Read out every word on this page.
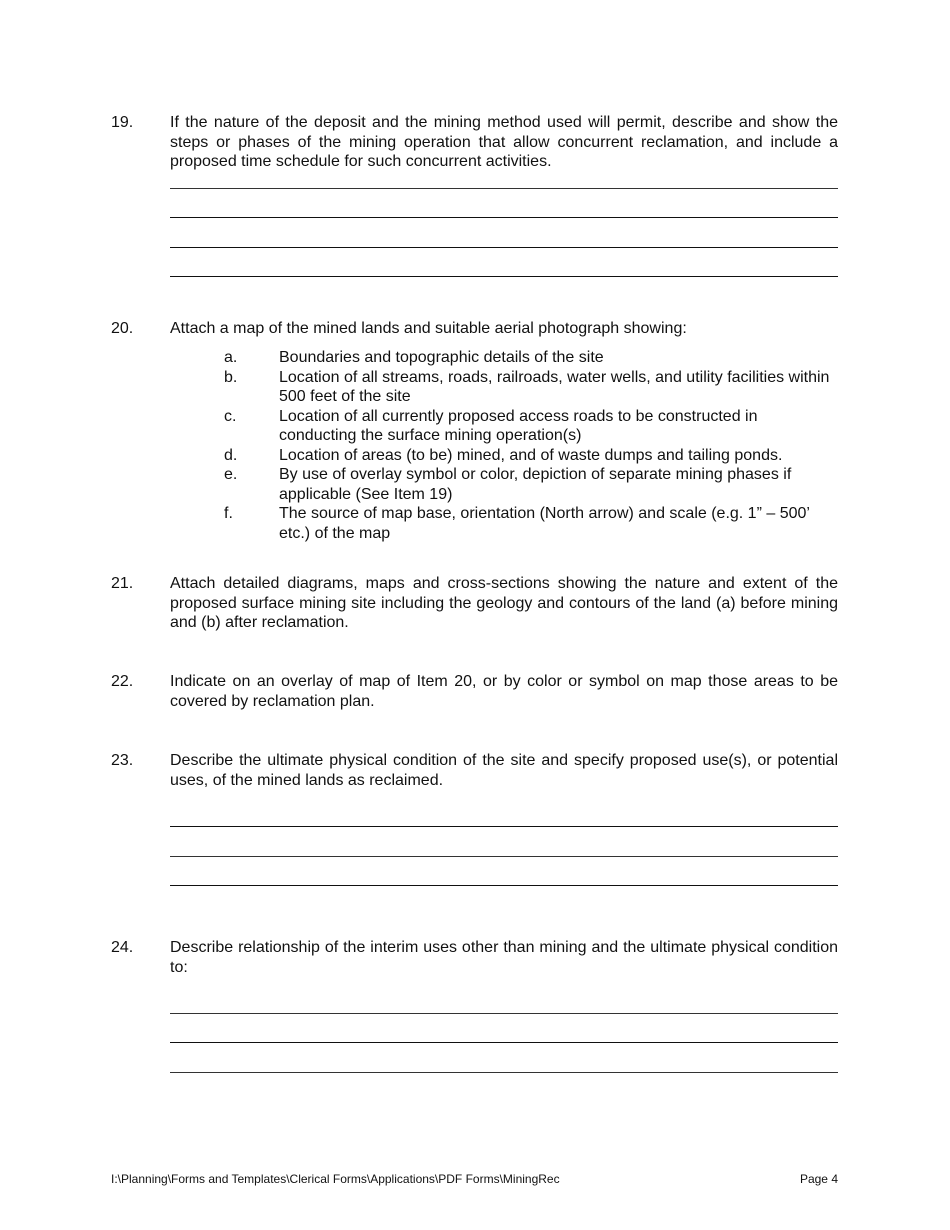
19.	If the nature of the deposit and the mining method used will permit, describe and show the steps or phases of the mining operation that allow concurrent reclamation, and include a proposed time schedule for such concurrent activities.
20.	Attach a map of the mined lands and suitable aerial photograph showing:
a.	Boundaries and topographic details of the site
b.	Location of all streams, roads, railroads, water wells, and utility facilities within 500 feet of the site
c.	Location of all currently proposed access roads to be constructed in conducting the surface mining operation(s)
d.	Location of areas (to be) mined, and of waste dumps and tailing ponds.
e.	By use of overlay symbol or color, depiction of separate mining phases if applicable (See Item 19)
f.	The source of map base, orientation (North arrow) and scale (e.g. 1” – 500’ etc.) of the map
21.	Attach detailed diagrams, maps and cross-sections showing the nature and extent of the proposed surface mining site including the geology and contours of the land (a) before mining and (b) after reclamation.
22.	Indicate on an overlay of map of Item 20, or by color or symbol on map those areas to be covered by reclamation plan.
23.	Describe the ultimate physical condition of the site and specify proposed use(s), or potential uses, of the mined lands as reclaimed.
24.	Describe relationship of the interim uses other than mining and the ultimate physical condition to:
I:\Planning\Forms and Templates\Clerical Forms\Applications\PDF Forms\MiningRec	Page 4
